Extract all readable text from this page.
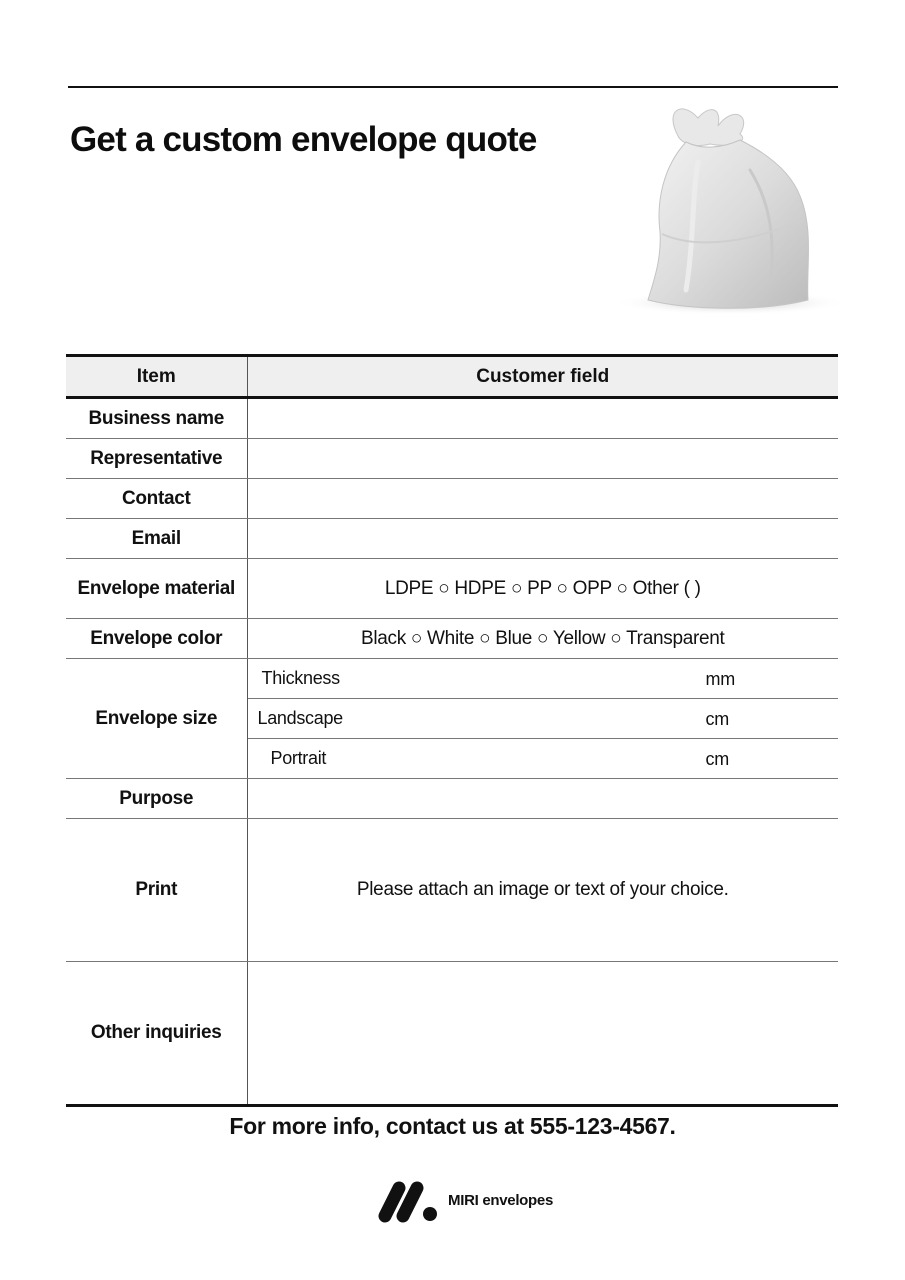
Get a custom envelope quote
Item	Customer field
Business name	
Representative	
Contact	
Email	
Envelope material	LDPE ○ HDPE ○ PP ○ OPP ○ Other ( )
Envelope color	Black ○ White ○ Blue ○ Yellow ○ Transparent
Envelope size	Thickness mm

	Landscape cm

	Portrait cm

Purpose	
Print	Please attach an image or text of your choice.
Other inquiries	

For more info, contact us at 555-123-4567.

MIRI envelopes
